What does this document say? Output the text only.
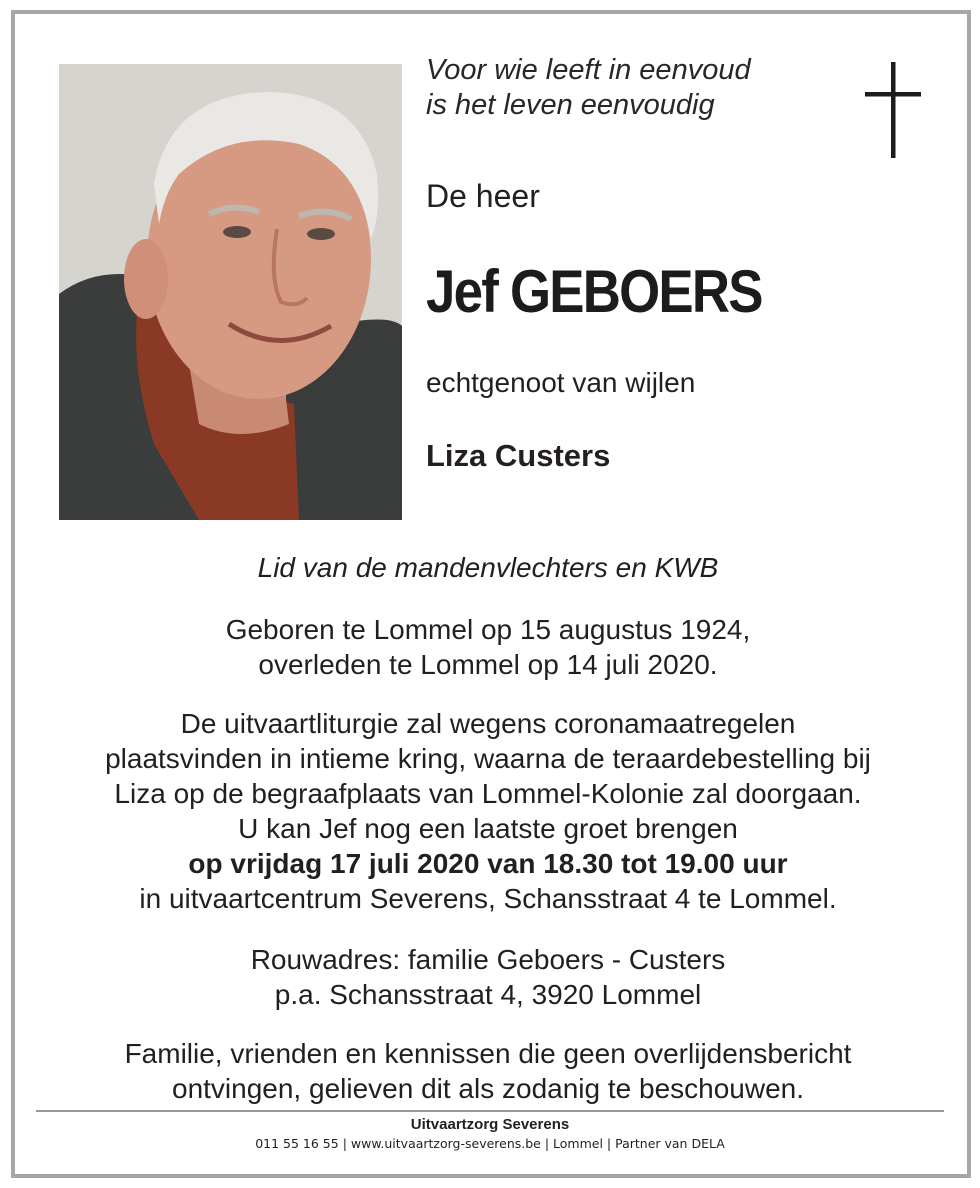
Voor wie leeft in eenvoud
is het leven eenvoudig
De heer
Jef GEBOERS
echtgenoot van wijlen
Liza Custers
Lid van de mandenvlechters en KWB
Geboren te Lommel op 15 augustus 1924,
overleden te Lommel op 14 juli 2020.
De uitvaartliturgie zal wegens coronamaatregelen
plaatsvinden in intieme kring, waarna de teraardebestelling bij
Liza op de begraafplaats van Lommel-Kolonie zal doorgaan.
U kan Jef nog een laatste groet brengen
op vrijdag 17 juli 2020 van 18.30 tot 19.00 uur
in uitvaartcentrum Severens, Schansstraat 4 te Lommel.
Rouwadres: familie Geboers - Custers
p.a. Schansstraat 4, 3920 Lommel
Familie, vrienden en kennissen die geen overlijdensbericht
ontvingen, gelieven dit als zodanig te beschouwen.
Uitvaartzorg Severens
011 55 16 55 | www.uitvaartzorg-severens.be | Lommel | Partner van DELA
